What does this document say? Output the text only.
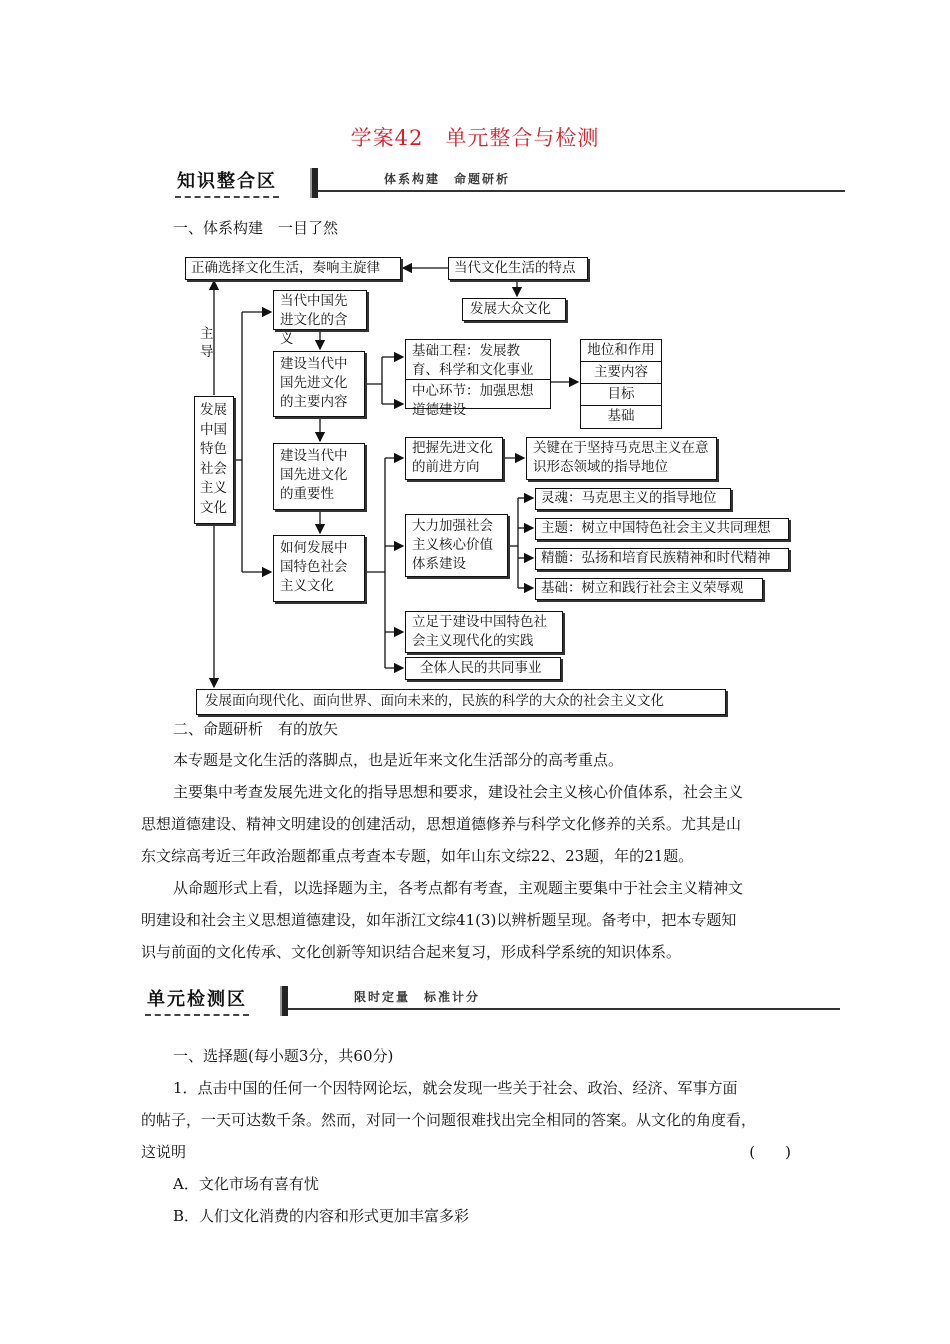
学案42　单元整合与检测
知识整合区	体系构建　命题研析
一、体系构建　一目了然
正确选择文化生活，奏响主旋律	当代文化生活的特点
发展大众文化
主导
发展中国特色社会主义文化
当代中国先进文化的含义
建设当代中国先进文化的主要内容
建设当代中国先进文化的重要性
如何发展中国特色社会主义文化
基础工程：发展教育、科学和文化事业
中心环节：加强思想道德建设
地位和作用
主要内容
目标
基础
把握先进文化的前进方向
关键在于坚持马克思主义在意识形态领域的指导地位
大力加强社会主义核心价值体系建设
灵魂：马克思主义的指导地位
主题：树立中国特色社会主义共同理想
精髓：弘扬和培育民族精神和时代精神
基础：树立和践行社会主义荣辱观
立足于建设中国特色社会主义现代化的实践
全体人民的共同事业
发展面向现代化、面向世界、面向未来的，民族的科学的大众的社会主义文化
二、命题研析　有的放矢
本专题是文化生活的落脚点，也是近年来文化生活部分的高考重点。
主要集中考查发展先进文化的指导思想和要求，建设社会主义核心价值体系，社会主义
思想道德建设、精神文明建设的创建活动，思想道德修养与科学文化修养的关系。尤其是山
东文综高考近三年政治题都重点考查本专题，如年山东文综22、23题，年的21题。
从命题形式上看，以选择题为主，各考点都有考查，主观题主要集中于社会主义精神文
明建设和社会主义思想道德建设，如年浙江文综41(3)以辨析题呈现。备考中，把本专题知
识与前面的文化传承、文化创新等知识结合起来复习，形成科学系统的知识体系。
单元检测区	限时定量　标准计分
一、选择题(每小题3分，共60分)
1．点击中国的任何一个因特网论坛，就会发现一些关于社会、政治、经济、军事方面
的帖子，一天可达数千条。然而，对同一个问题很难找出完全相同的答案。从文化的角度看，
这说明	(　　)
A．文化市场有喜有忧
B．人们文化消费的内容和形式更加丰富多彩
